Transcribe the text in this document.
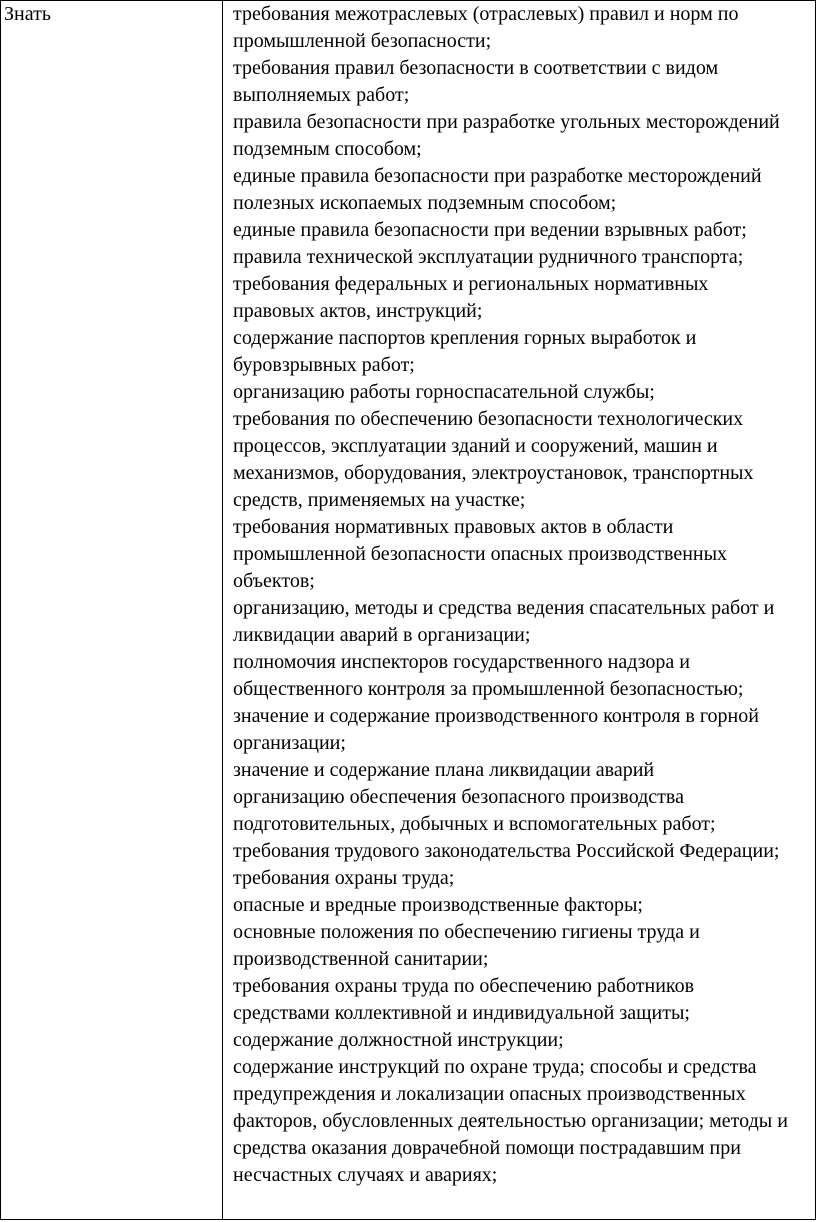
Знать	требования межотраслевых (отраслевых) правил и норм по
промышленной безопасности;
требования правил безопасности в соответствии с видом
выполняемых работ;
правила безопасности при разработке угольных месторождений
подземным способом;
единые правила безопасности при разработке месторождений
полезных ископаемых подземным способом;
единые правила безопасности при ведении взрывных работ;
правила технической эксплуатации рудничного транспорта;
требования федеральных и региональных нормативных
правовых актов, инструкций;
содержание паспортов крепления горных выработок и
буровзрывных работ;
организацию работы горноспасательной службы;
требования по обеспечению безопасности технологических
процессов, эксплуатации зданий и сооружений, машин и
механизмов, оборудования, электроустановок, транспортных
средств, применяемых на участке;
требования нормативных правовых актов в области
промышленной безопасности опасных производственных
объектов;
организацию, методы и средства ведения спасательных работ и
ликвидации аварий в организации;
полномочия инспекторов государственного надзора и
общественного контроля за промышленной безопасностью;
значение и содержание производственного контроля в горной
организации;
значение и содержание плана ликвидации аварий
организацию обеспечения безопасного производства
подготовительных, добычных и вспомогательных работ;
требования трудового законодательства Российской Федерации;
требования охраны труда;
опасные и вредные производственные факторы;
основные положения по обеспечению гигиены труда и
производственной санитарии;
требования охраны труда по обеспечению работников
средствами коллективной и индивидуальной защиты;
содержание должностной инструкции;
содержание инструкций по охране труда; способы и средства
предупреждения и локализации опасных производственных
факторов, обусловленных деятельностью организации; методы и
средства оказания доврачебной помощи пострадавшим при
несчастных случаях и авариях;
